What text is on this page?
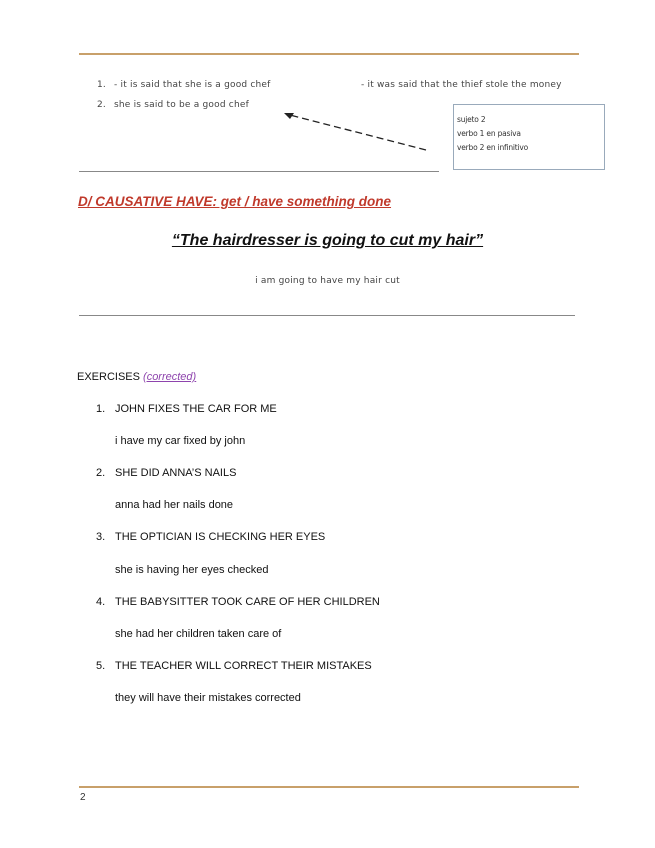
1. - it is said that she is a good chef	- it was said that the thief stole the money
2. she is said to be a good chef
sujeto 2
verbo 1 en pasiva
verbo 2 en infinitivo
D/ CAUSATIVE HAVE: get / have something done
“The hairdresser is going to cut my hair”
i am going to have my hair cut
EXERCISES (corrected)
1. JOHN FIXES THE CAR FOR ME
i have my car fixed by john
2. SHE DID ANNA’S NAILS
anna had her nails done
3. THE OPTICIAN IS CHECKING HER EYES
she is having her eyes checked
4. THE BABYSITTER TOOK CARE OF HER CHILDREN
she had her children taken care of
5. THE TEACHER WILL CORRECT THEIR MISTAKES
they will have their mistakes corrected
2
